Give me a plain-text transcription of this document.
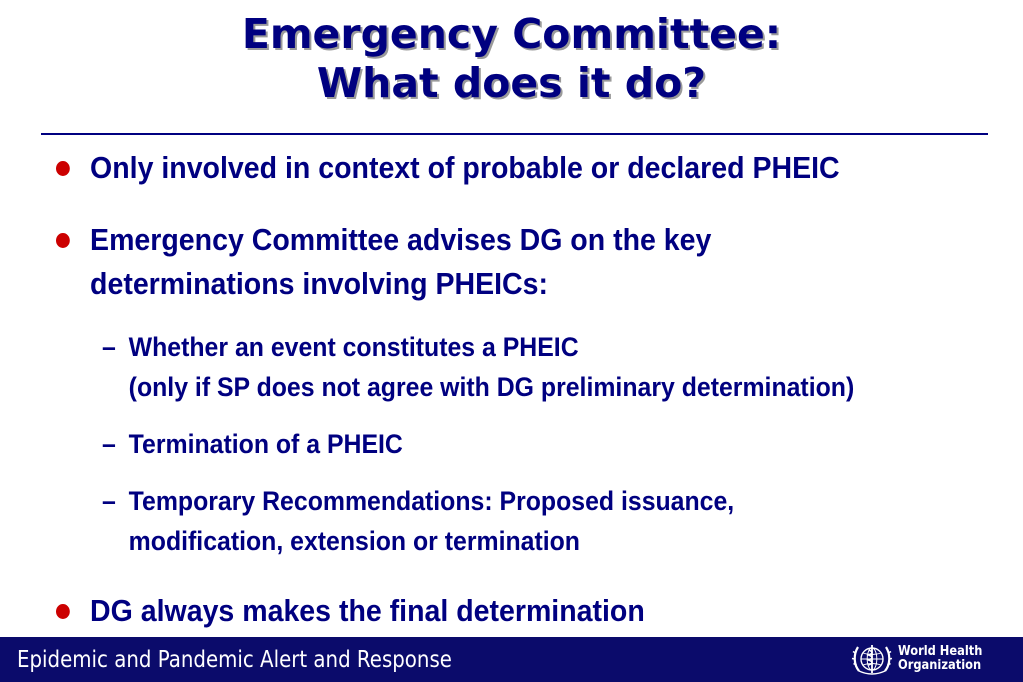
Emergency Committee:
What does it do?
Only involved in context of probable or declared PHEIC
Emergency Committee advises DG on the key
determinations involving PHEICs:
– Whether an event constitutes a PHEIC
(only if SP does not agree with DG preliminary determination)
– Termination of a PHEIC
– Temporary Recommendations: Proposed issuance,
modification, extension or termination
DG always makes the final determination
Epidemic and Pandemic Alert and Response	World Health
Organization
